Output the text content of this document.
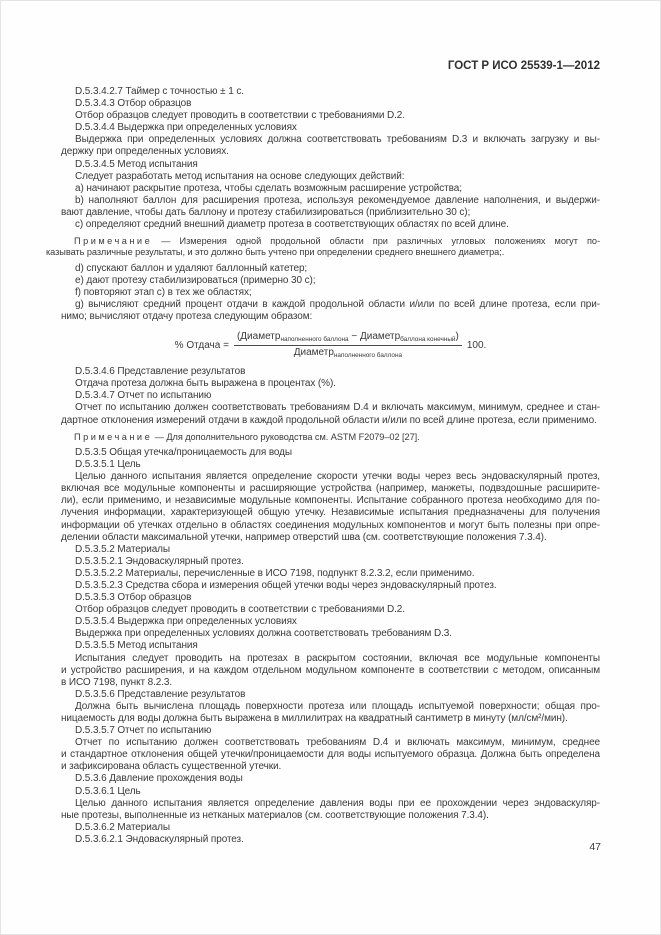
ГОСТ Р ИСО 25539-1—2012
D.5.3.4.2.7 Таймер с точностью ± 1 с.
D.5.3.4.3 Отбор образцов
Отбор образцов следует проводить в соответствии с требованиями D.2.
D.5.3.4.4 Выдержка при определенных условиях
Выдержка при определенных условиях должна соответствовать требованиям D.3 и включать загрузку и вы-
держку при определенных условиях.
D.5.3.4.5 Метод испытания
Следует разработать метод испытания на основе следующих действий:
a) начинают раскрытие протеза, чтобы сделать возможным расширение устройства;
b) наполняют баллон для расширения протеза, используя рекомендуемое давление наполнения, и выдержи-
вают давление, чтобы дать баллону и протезу стабилизироваться (приблизительно 30 с);
c) определяют средний внешний диаметр протеза в соответствующих областях по всей длине.
Примечание — Измерения одной продольной области при различных угловых положениях могут по-
казывать различные результаты, и это должно быть учтено при определении среднего внешнего диаметра;.
d) спускают баллон и удаляют баллонный катетер;
e) дают протезу стабилизироваться (примерно 30 с);
f) повторяют этап c) в тех же областях;
g) вычисляют средний процент отдачи в каждой продольной области и/или по всей длине протеза, если при-
нимо; вычисляют отдачу протеза следующим образом:
% Отдача = $\frac{(Диаметр_{наполненного баллона} - Диаметр_{баллона конечный})}{Диаметр_{наполненного баллона}} 100$.
D.5.3.4.6 Представление результатов
Отдача протеза должна быть выражена в процентах (%).
D.5.3.4.7 Отчет по испытанию
Отчет по испытанию должен соответствовать требованиям D.4 и включать максимум, минимум, среднее и стан-
дартное отклонения измерений отдачи в каждой продольной области и/или по всей длине протеза, если применимо.
Примечание — Для дополнительного руководства см. ASTM F2079–02 [27].
D.5.3.5 Общая утечка/проницаемость для воды
D.5.3.5.1 Цель
Целью данного испытания является определение скорости утечки воды через весь эндоваскулярный протез,
включая все модульные компоненты и расширяющие устройства (например, манжеты, подвздошные расширите-
ли), если применимо, и независимые модульные компоненты. Испытание собранного протеза необходимо для по-
лучения информации, характеризующей общую утечку. Независимые испытания предназначены для получения
информации об утечках отдельно в областях соединения модульных компонентов и могут быть полезны при опре-
делении области максимальной утечки, например отверстий шва (см. соответствующие положения 7.3.4).
D.5.3.5.2 Материалы
D.5.3.5.2.1 Эндоваскулярный протез.
D.5.3.5.2.2 Материалы, перечисленные в ИСО 7198, подпункт 8.2.3.2, если применимо.
D.5.3.5.2.3 Средства сбора и измерения общей утечки воды через эндоваскулярный протез.
D.5.3.5.3 Отбор образцов
Отбор образцов следует проводить в соответствии с требованиями D.2.
D.5.3.5.4 Выдержка при определенных условиях
Выдержка при определенных условиях должна соответствовать требованиям D.3.
D.5.3.5.5 Метод испытания
Испытания следует проводить на протезах в раскрытом состоянии, включая все модульные компоненты
и устройство расширения, и на каждом отдельном модульном компоненте в соответствии с методом, описанным
в ИСО 7198, пункт 8.2.3.
D.5.3.5.6 Представление результатов
Должна быть вычислена площадь поверхности протеза или площадь испытуемой поверхности; общая про-
ницаемость для воды должна быть выражена в миллилитрах на квадратный сантиметр в минуту (мл/см²/мин).
D.5.3.5.7 Отчет по испытанию
Отчет по испытанию должен соответствовать требованиям D.4 и включать максимум, минимум, среднее
и стандартное отклонения общей утечки/проницаемости для воды испытуемого образца. Должна быть определена
и зафиксирована область существенной утечки.
D.5.3.6 Давление прохождения воды
D.5.3.6.1 Цель
Целью данного испытания является определение давления воды при ее прохождении через эндоваскуляр-
ные протезы, выполненные из нетканых материалов (см. соответствующие положения 7.3.4).
D.5.3.6.2 Материалы
D.5.3.6.2.1 Эндоваскулярный протез.
47
